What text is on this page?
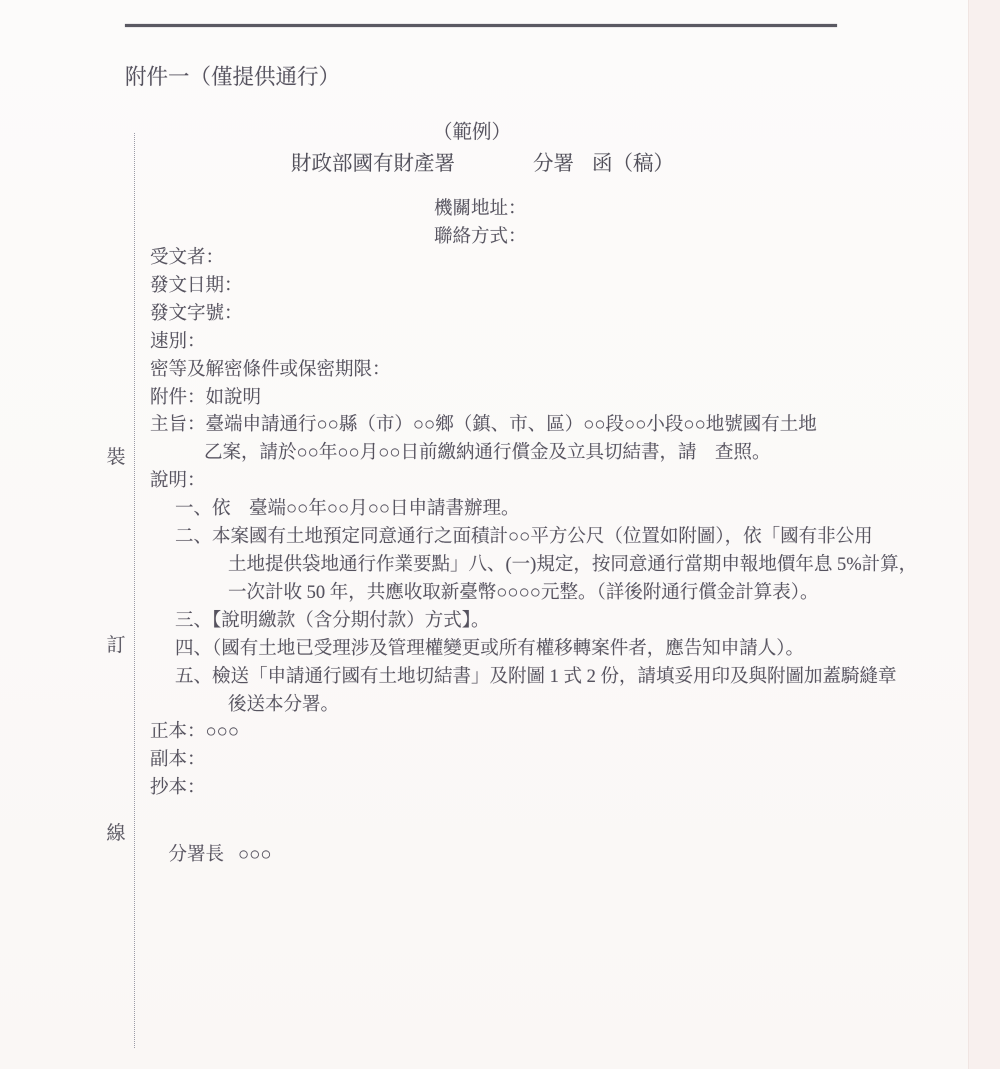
附件一（僅提供通行）
裝
訂
線
（範例）
財政部國有財產署	分署 函（稿）
機關地址：
聯絡方式：
受文者：
發文日期：
發文字號：
速別：
密等及解密條件或保密期限：
附件：如說明
主旨：臺端申請通行○○縣（市）○○鄉（鎮、市、區）○○段○○小段○○地號國有土地
乙案，請於○○年○○月○○日前繳納通行償金及立具切結書，請　查照。
說明：
一、依　臺端○○年○○月○○日申請書辦理。
二、本案國有土地預定同意通行之面積計○○平方公尺（位置如附圖），依「國有非公用
土地提供袋地通行作業要點」八、(一)規定，按同意通行當期申報地價年息 5%計算，
一次計收 50 年，共應收取新臺幣○○○○元整。（詳後附通行償金計算表）。
三、【說明繳款（含分期付款）方式】。
四、（國有土地已受理涉及管理權變更或所有權移轉案件者，應告知申請人）。
五、檢送「申請通行國有土地切結書」及附圖 1 式 2 份，請填妥用印及與附圖加蓋騎縫章
後送本分署。
正本：○○○
副本：
抄本：

分署長 ○○○
